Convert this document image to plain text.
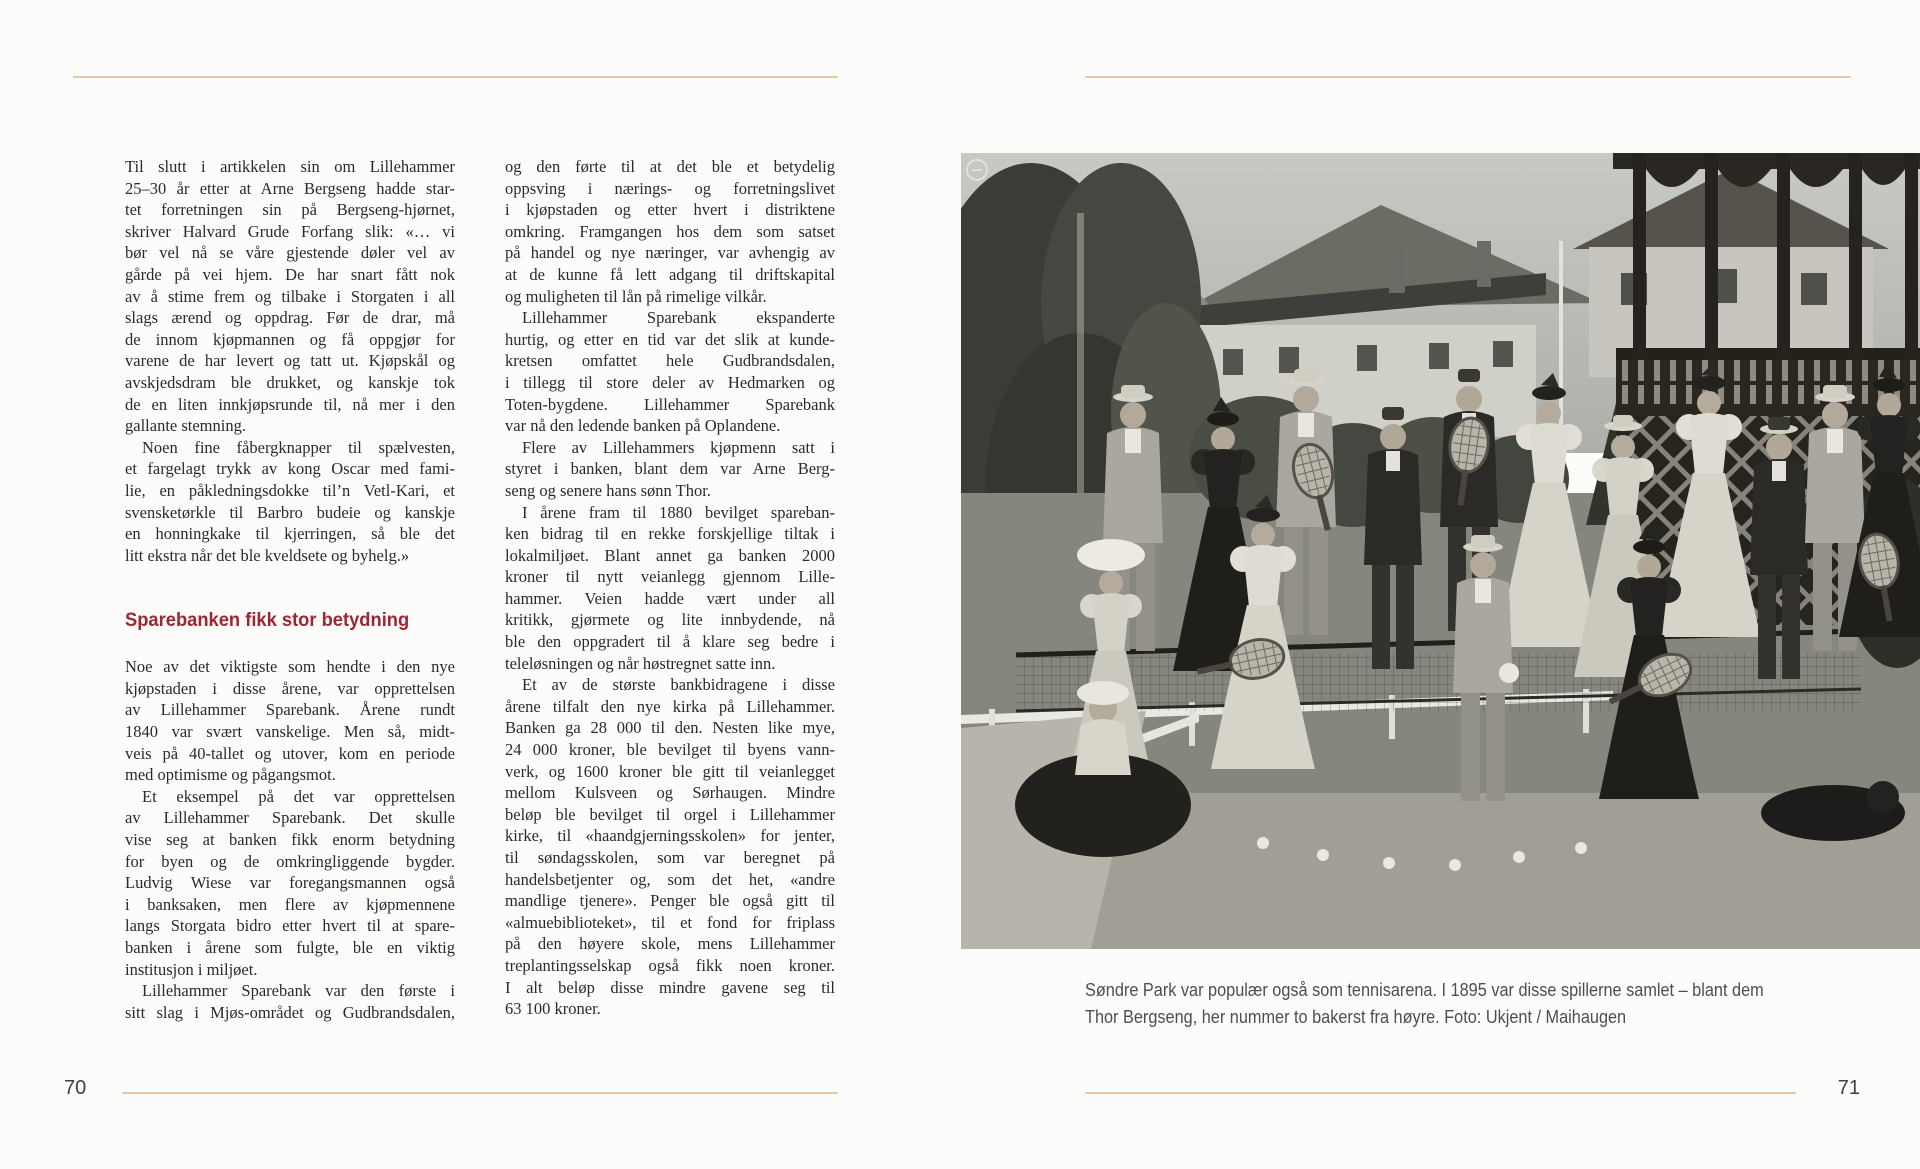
Til slutt i artikkelen sin om Lillehammer
25–30 år etter at Arne Bergseng hadde star-
tet forretningen sin på Bergseng-hjørnet,
skriver Halvard Grude Forfang slik: «… vi
bør vel nå se våre gjestende døler vel av
gårde på vei hjem. De har snart fått nok
av å stime frem og tilbake i Storgaten i all
slags ærend og oppdrag. Før de drar, må
de innom kjøpmannen og få oppgjør for
varene de har levert og tatt ut. Kjøpskål og
avskjedsdram ble drukket, og kanskje tok
de en liten innkjøpsrunde til, nå mer i den
gallante stemning.
Noen fine fåbergknapper til spælvesten,
et fargelagt trykk av kong Oscar med fami-
lie, en påkledningsdokke til’n Vetl-Kari, et
svensketørkle til Barbro budeie og kanskje
en honningkake til kjerringen, så ble det
litt ekstra når det ble kveldsete og byhelg.»
Sparebanken fikk stor betydning
Noe av det viktigste som hendte i den nye
kjøpstaden i disse årene, var opprettelsen
av Lillehammer Sparebank. Årene rundt
1840 var svært vanskelige. Men så, midt-
veis på 40-tallet og utover, kom en periode
med optimisme og pågangsmot.
Et eksempel på det var opprettelsen
av Lillehammer Sparebank. Det skulle
vise seg at banken fikk enorm betydning
for byen og de omkringliggende bygder.
Ludvig Wiese var foregangsmannen også
i banksaken, men flere av kjøpmennene
langs Storgata bidro etter hvert til at spare-
banken i årene som fulgte, ble en viktig
institusjon i miljøet.
Lillehammer Sparebank var den første i
sitt slag i Mjøs-området og Gudbrandsdalen,
og den førte til at det ble et betydelig
oppsving i nærings- og forretningslivet
i kjøpstaden og etter hvert i distriktene
omkring. Framgangen hos dem som satset
på handel og nye næringer, var avhengig av
at de kunne få lett adgang til driftskapital
og muligheten til lån på rimelige vilkår.
Lillehammer Sparebank ekspanderte
hurtig, og etter en tid var det slik at kunde-
kretsen omfattet hele Gudbrandsdalen,
i tillegg til store deler av Hedmarken og
Toten-bygdene. Lillehammer Sparebank
var nå den ledende banken på Oplandene.
Flere av Lillehammers kjøpmenn satt i
styret i banken, blant dem var Arne Berg-
seng og senere hans sønn Thor.
I årene fram til 1880 bevilget spareban-
ken bidrag til en rekke forskjellige tiltak i
lokalmiljøet. Blant annet ga banken 2000
kroner til nytt veianlegg gjennom Lille-
hammer. Veien hadde vært under all
kritikk, gjørmete og lite innbydende, nå
ble den oppgradert til å klare seg bedre i
teleløsningen og når høstregnet satte inn.
Et av de største bankbidragene i disse
årene tilfalt den nye kirka på Lillehammer.
Banken ga 28 000 til den. Nesten like mye,
24 000 kroner, ble bevilget til byens vann-
verk, og 1600 kroner ble gitt til veianlegget
mellom Kulsveen og Sørhaugen. Mindre
beløp ble bevilget til orgel i Lillehammer
kirke, til «haandgjerningsskolen» for jenter,
til søndagsskolen, som var beregnet på
handelsbetjenter og, som det het, «andre
mandlige tjenere». Penger ble også gitt til
«almuebiblioteket», til et fond for friplass
på den høyere skole, mens Lillehammer
treplantingsselskap også fikk noen kroner.
I alt beløp disse mindre gavene seg til
63 100 kroner.
70
Søndre Park var populær også som tennisarena. I 1895 var disse spillerne samlet – blant dem
Thor Bergseng, her nummer to bakerst fra høyre. Foto: Ukjent / Maihaugen
71
